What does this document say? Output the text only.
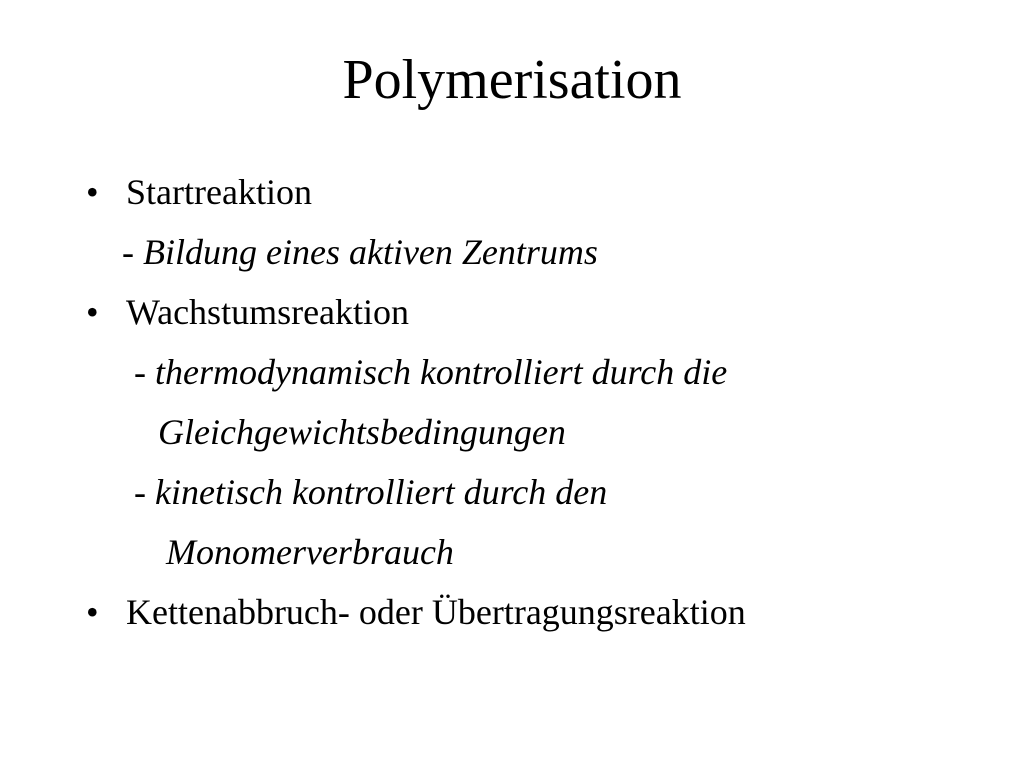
Polymerisation
• Startreaktion
- Bildung eines aktiven Zentrums
• Wachstumsreaktion
- thermodynamisch kontrolliert durch die
Gleichgewichtsbedingungen
- kinetisch kontrolliert durch den
Monomerverbrauch
• Kettenabbruch- oder Übertragungsreaktion
